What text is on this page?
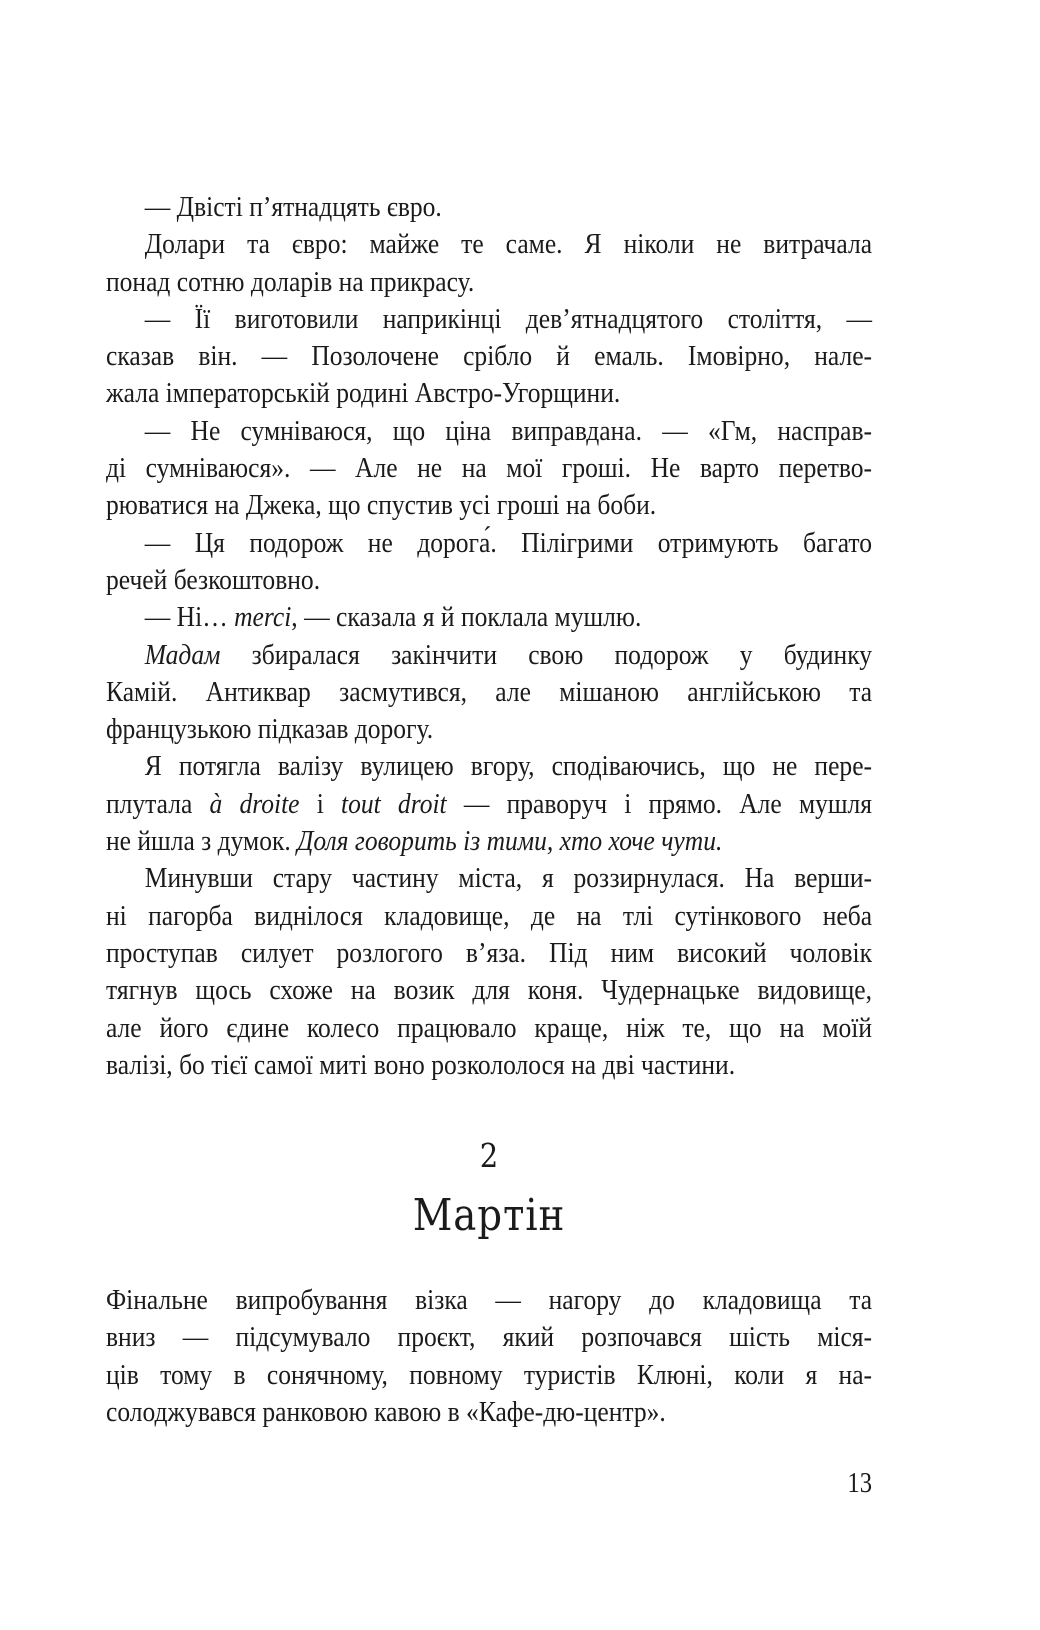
— Двісті п’ятнадцять євро.
Долари та євро: майже те саме. Я ніколи не витрачала
понад сотню доларів на прикрасу.
— Її виготовили наприкінці дев’ятнадцятого століття, —
сказав він. — Позолочене срібло й емаль. Імовірно, нале-
жала імператорській родині Австро-Угорщини.
— Не сумніваюся, що ціна виправдана. — «Гм, насправ-
ді сумніваюся». — Але не на мої гроші. Не варто перетво-
рюватися на Джека, що спустив усі гроші на боби.
— Ця подорож не дорога́. Пілігрими отримують багато
речей безкоштовно.
— Ні… merci, — сказала я й поклала мушлю.
Мадам збиралася закінчити свою подорож у будинку
Камій. Антиквар засмутився, але мішаною англійською та
французькою підказав дорогу.
Я потягла валізу вулицею вгору, сподіваючись, що не пере-
плутала à droite і tout droit — праворуч і прямо. Але мушля
не йшла з думок. Доля говорить із тими, хто хоче чути.
Минувши стару частину міста, я роззирнулася. На верши-
ні пагорба виднілося кладовище, де на тлі сутінкового неба
проступав силует розлогого в’яза. Під ним високий чоловік
тягнув щось схоже на возик для коня. Чудернацьке видовище,
але його єдине колесо працювало краще, ніж те, що на моїй
валізі, бо тієї самої миті воно розкололося на дві частини.
2
Мартін
Фінальне випробування візка — нагору до кладовища та
вниз — підсумувало проєкт, який розпочався шість міся-
ців тому в сонячному, повному туристів Клюні, коли я на-
солоджувався ранковою кавою в «Кафе-дю-центр».
13
